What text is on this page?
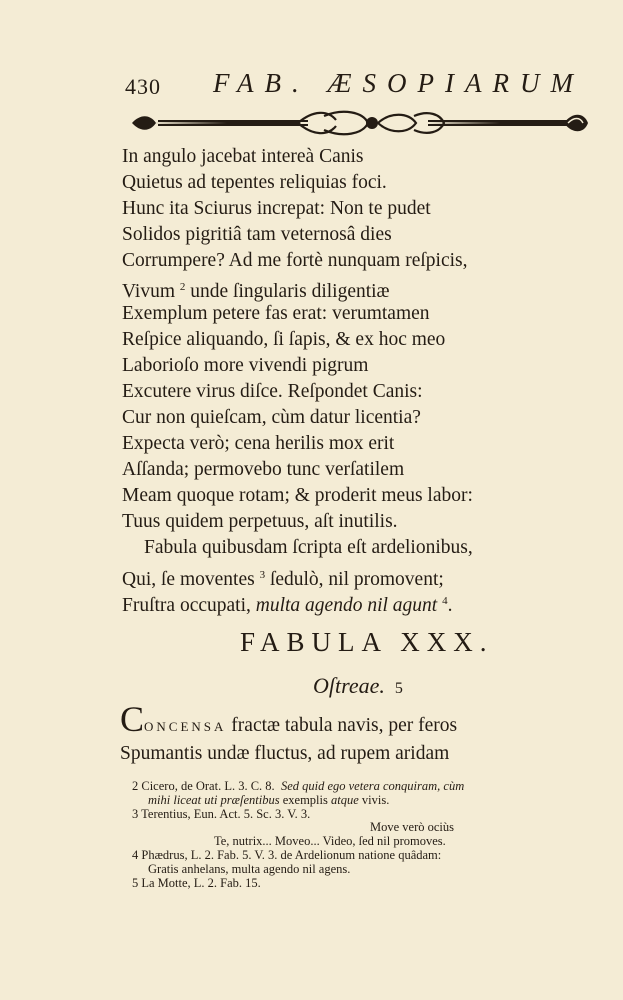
430 FAB. ÆSOPIARUM
In angulo jacebat intereà Canis
Quietus ad tepentes reliquias foci.
Hunc ita Sciurus increpat: Non te pudet
Solidos pigritiâ tam veternosâ dies
Corrumpere? Ad me fortè nunquam reſpicis,
Vivum $^2$ unde ſingularis diligentiæ
Exemplum petere fas erat: verumtamen
Reſpice aliquando, ſi ſapis, & ex hoc meo
Laborioſo more vivendi pigrum
Excutere virus diſce. Reſpondet Canis:
Cur non quieſcam, cùm datur licentia?
Expecta verò; cena herilis mox erit
Aſſanda; permovebo tunc verſatilem
Meam quoque rotam; & proderit meus labor:
Tuus quidem perpetuus, aſt inutilis.
Fabula quibusdam ſcripta eſt ardelionibus,
Qui, ſe moventes $^3$ ſedulò, nil promovent;
Fruſtra occupati, multa agendo nil agunt $^4$.
FABULA XXX.
Oſtreae. 5
CONCENSA fractæ tabula navis, per feros
Spumantis undæ fluctus, ad rupem aridam
2 Cicero, de Orat. L. 3. C. 8. Sed quid ego vetera conquiram, cùm
mihi liceat uti præſentibus exemplis atque vivis.
3 Terentius, Eun. Act. 5. Sc. 3. V. 3.
Move verò ociùs
Te, nutrix... Moveo... Video, ſed nil promoves.
4 Phædrus, L. 2. Fab. 5. V. 3. de Ardelionum natione quâdam:
Gratis anhelans, multa agendo nil agens.
5 La Motte, L. 2. Fab. 15.
